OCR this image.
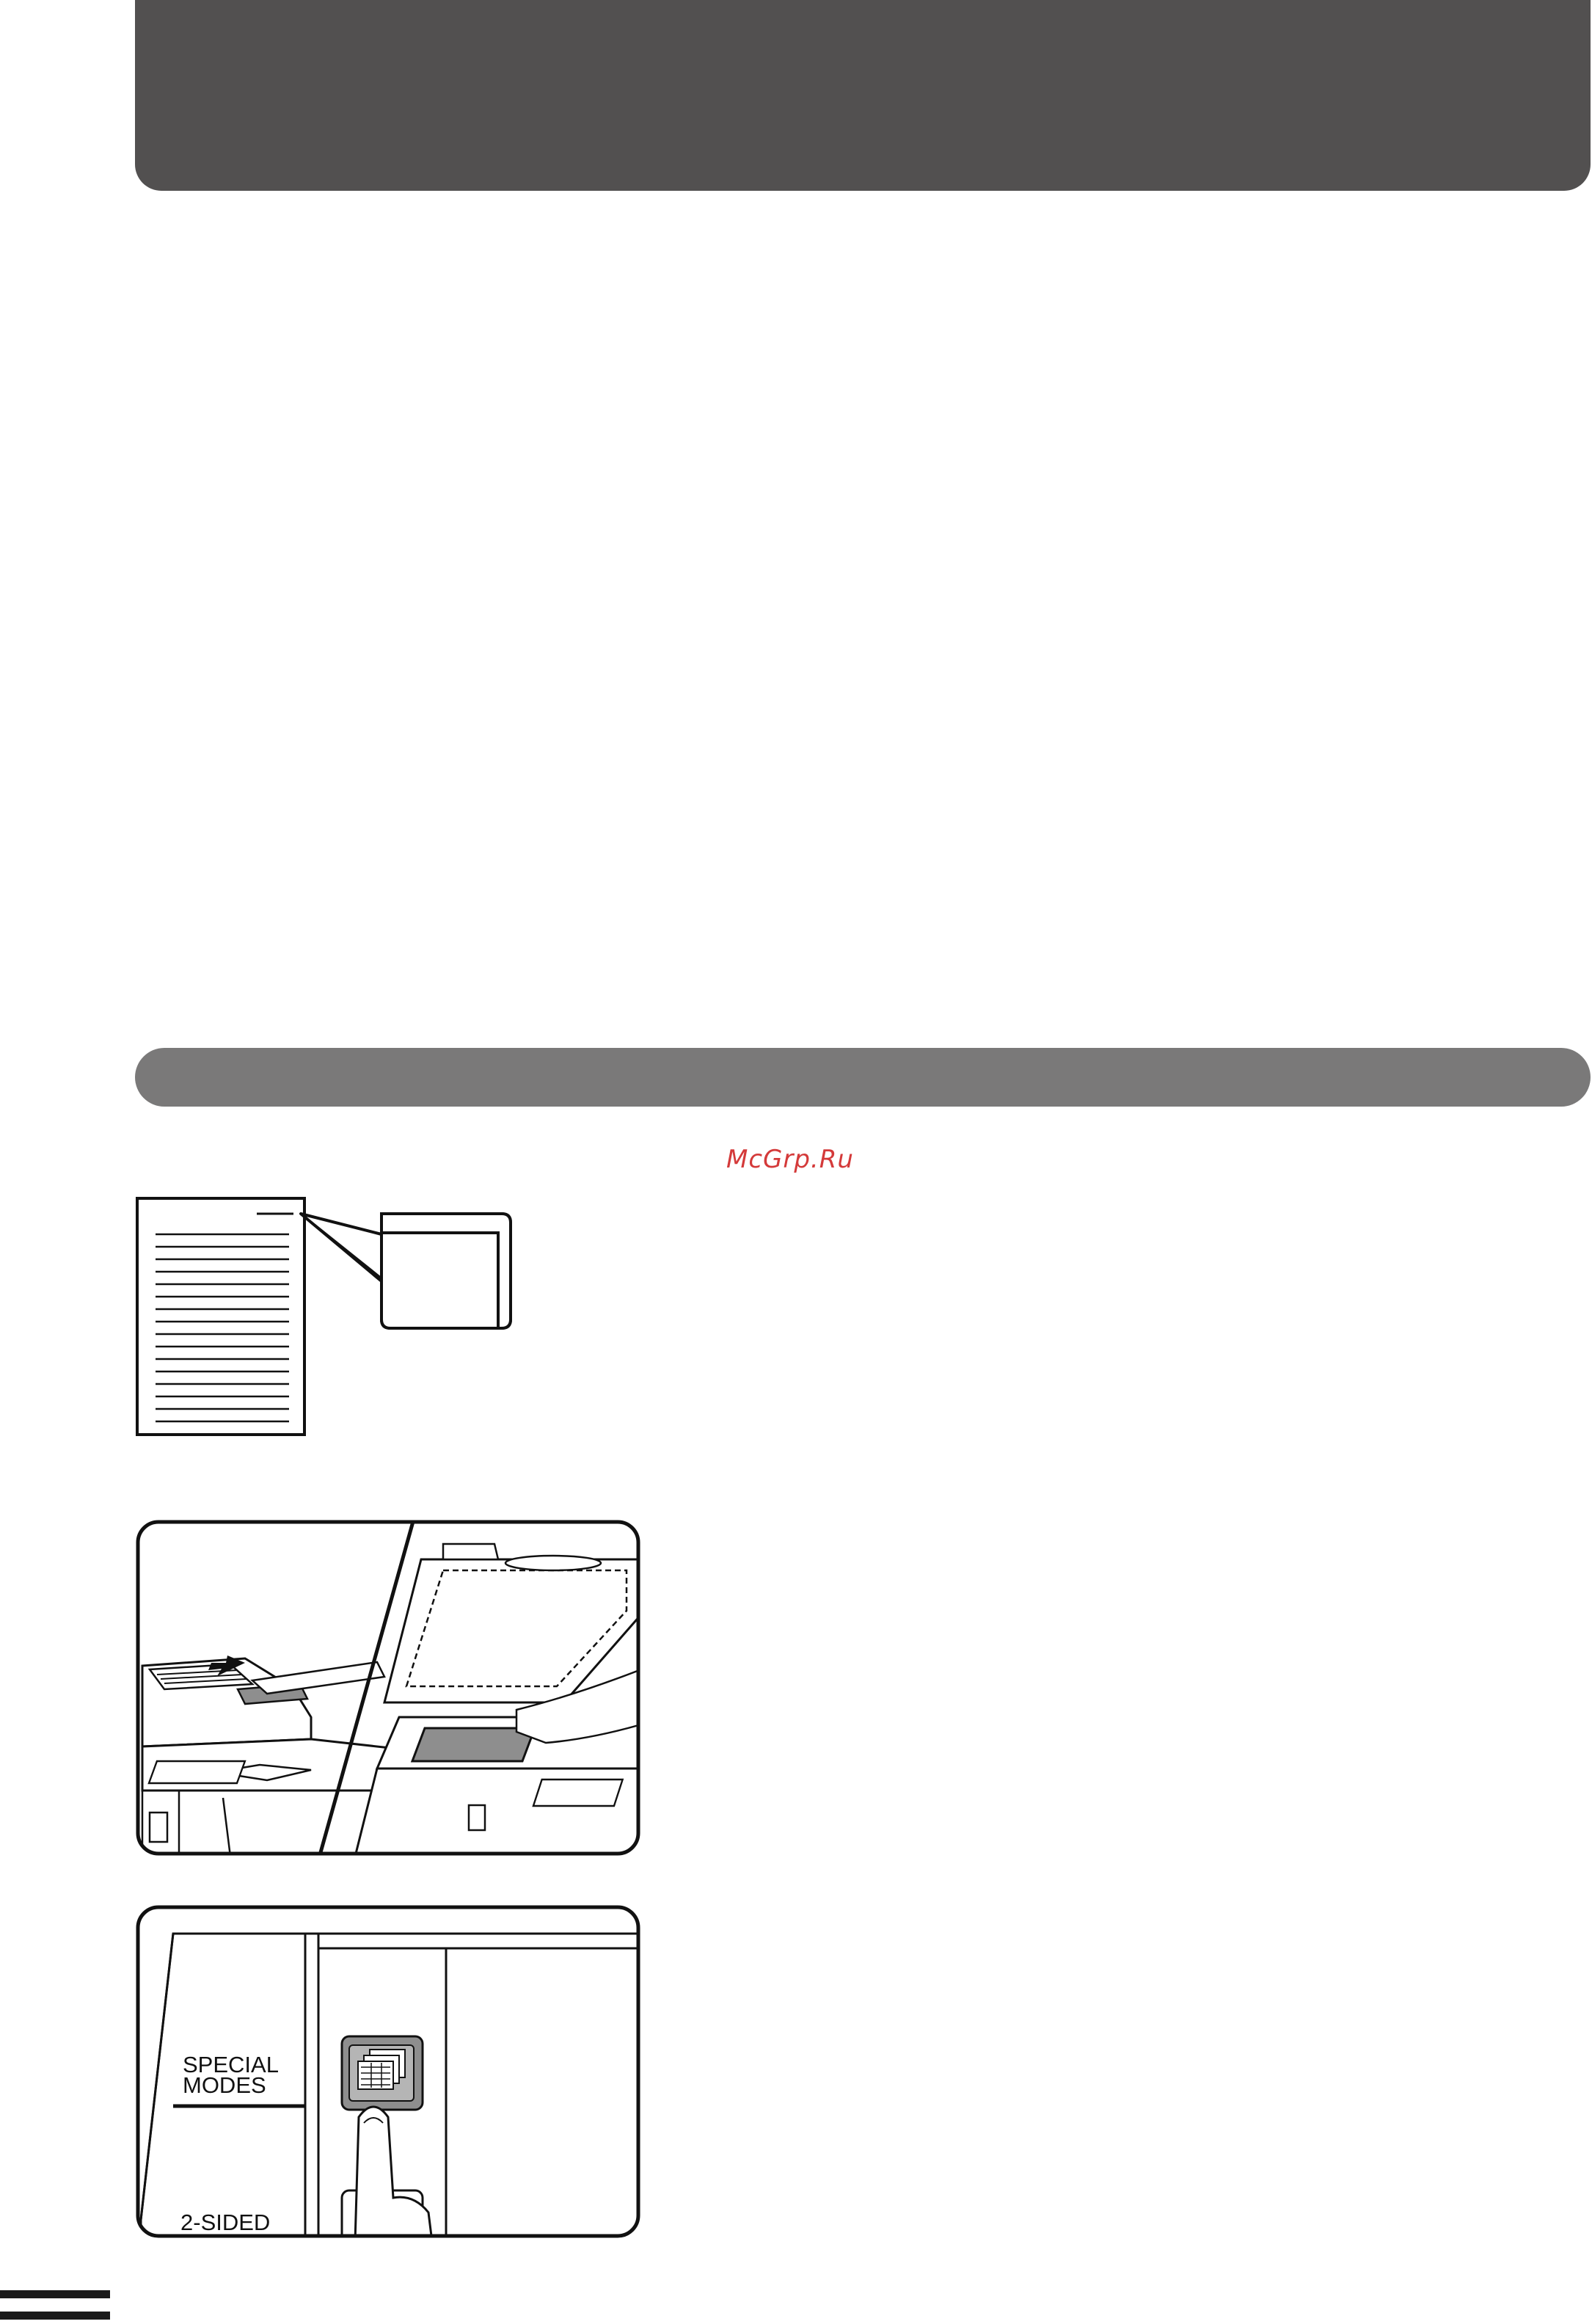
McGrp.Ru
SPECIAL
MODES
2-SIDED
